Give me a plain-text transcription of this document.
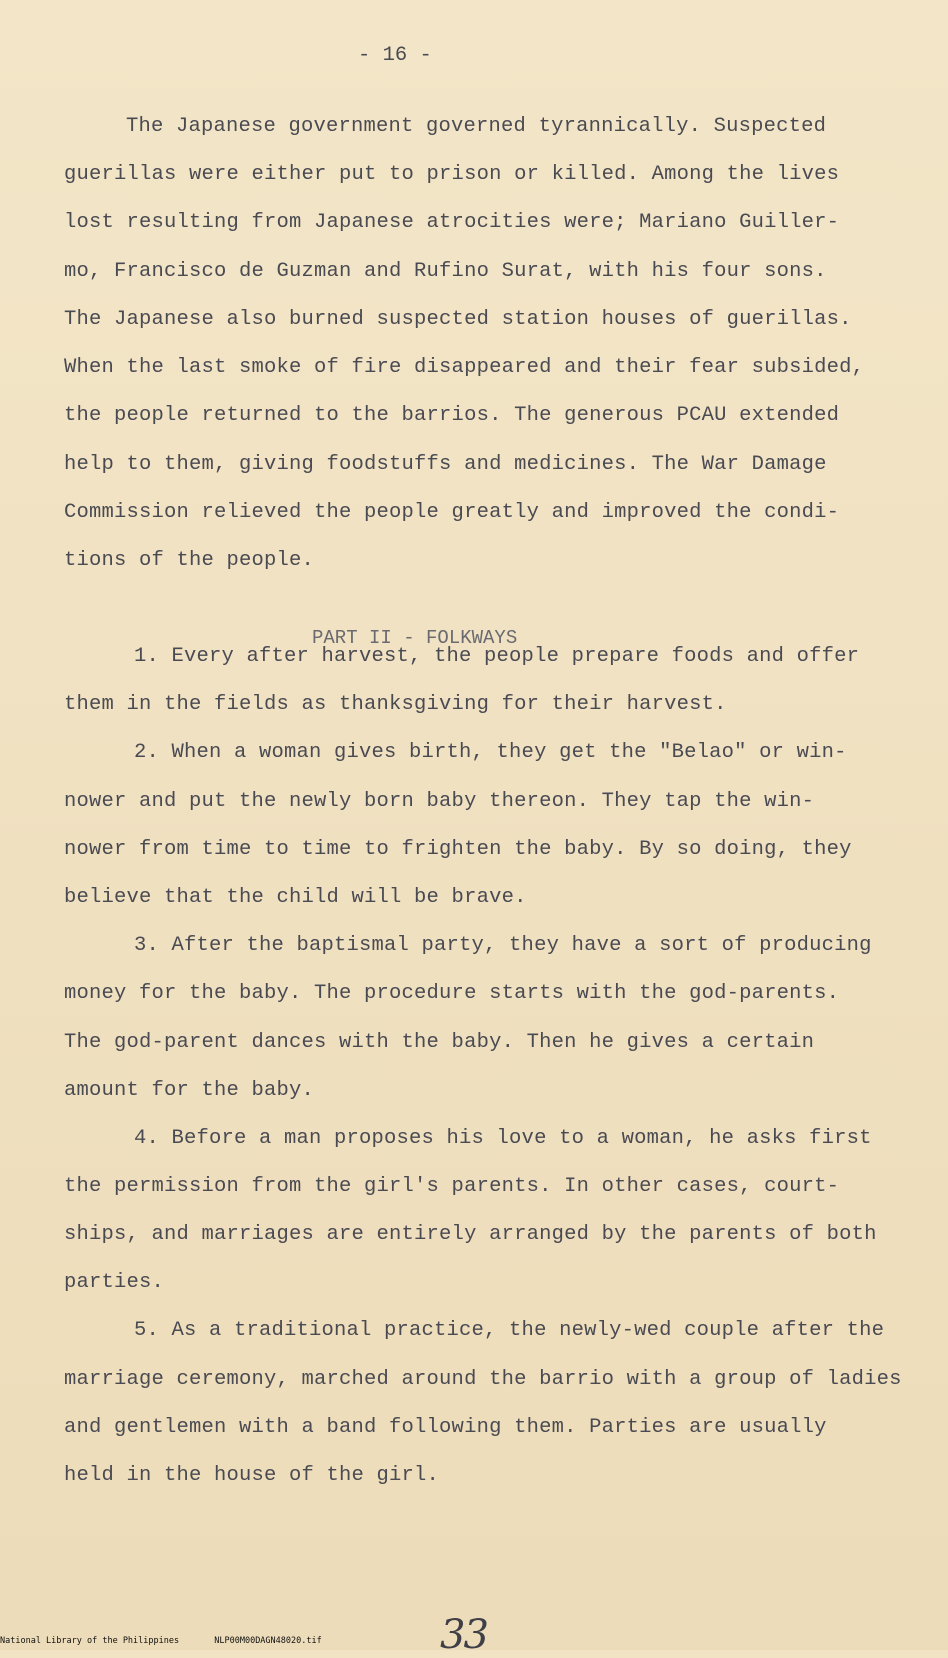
- 16 -
The Japanese government governed tyrannically. Suspected
guerillas were either put to prison or killed. Among the lives
lost resulting from Japanese atrocities were; Mariano Guiller-
mo, Francisco de Guzman and Rufino Surat, with his four sons.
The Japanese also burned suspected station houses of guerillas.
When the last smoke of fire disappeared and their fear subsided,
the people returned to the barrios. The generous PCAU extended
help to them, giving foodstuffs and medicines. The War Damage
Commission relieved the people greatly and improved the condi-
tions of the people.
PART II - FOLKWAYS
1. Every after harvest, the people prepare foods and offer
them in the fields as thanksgiving for their harvest.
2. When a woman gives birth, they get the "Belao" or win-
nower and put the newly born baby thereon. They tap the win-
nower from time to time to frighten the baby. By so doing, they
believe that the child will be brave.
3. After the baptismal party, they have a sort of producing
money for the baby. The procedure starts with the god-parents.
The god-parent dances with the baby. Then he gives a certain
amount for the baby.
4. Before a man proposes his love to a woman, he asks first
the permission from the girl's parents. In other cases, court-
ships, and marriages are entirely arranged by the parents of both
parties.
5. As a traditional practice, the newly-wed couple after the
marriage ceremony, marched around the barrio with a group of ladies
and gentlemen with a band following them. Parties are usually
held in the house of the girl.
33
National Library of the Philippines	NLP00M00DAGN48020.tif
